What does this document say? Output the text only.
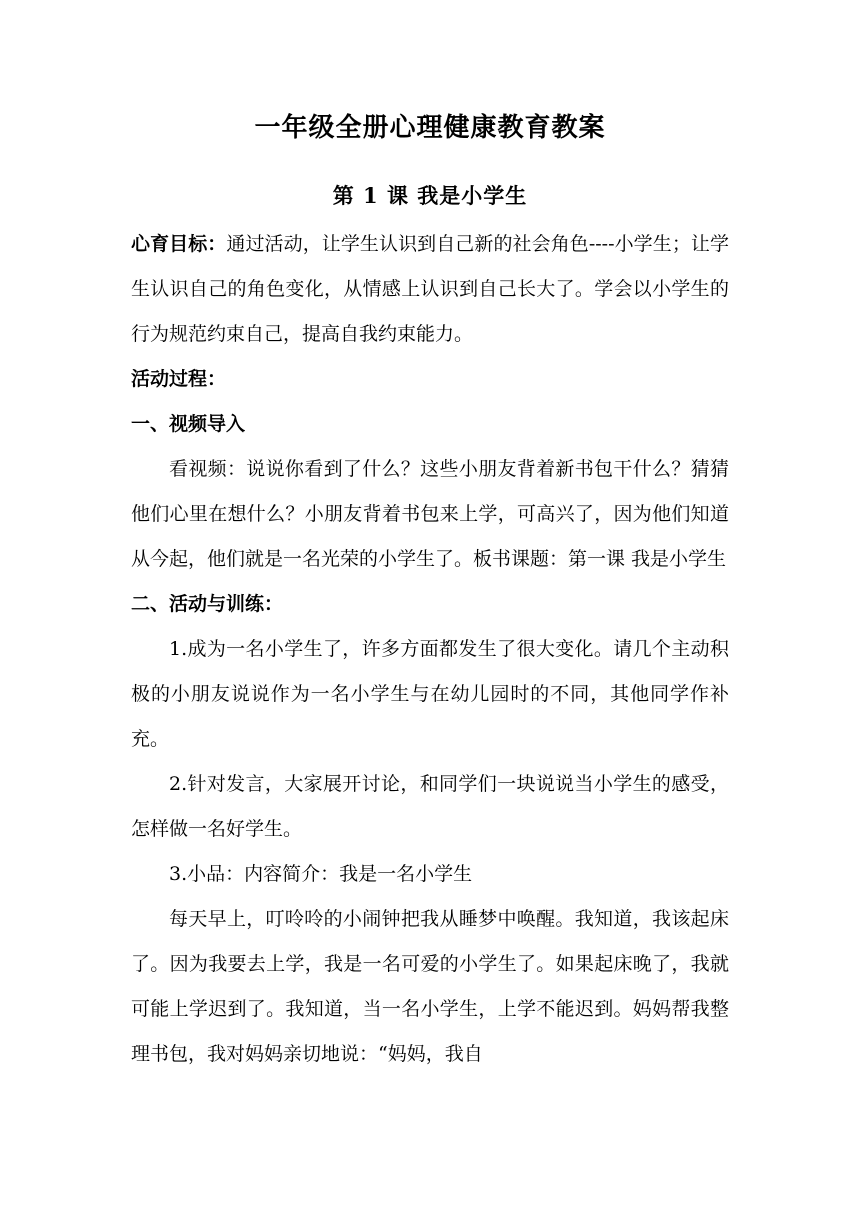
一年级全册心理健康教育教案
第 1 课 我是小学生

心育目标：通过活动，让学生认识到自己新的社会角色----小学生；让学生认识自己的角色变化，从情感上认识到自己长大了。学会以小学生的行为规范约束自己，提高自我约束能力。

活动过程：

一、视频导入

看视频：说说你看到了什么？这些小朋友背着新书包干什么？猜猜他们心里在想什么？小朋友背着书包来上学，可高兴了，因为他们知道从今起，他们就是一名光荣的小学生了。板书课题：第一课 我是小学生

二、活动与训练：

1.成为一名小学生了，许多方面都发生了很大变化。请几个主动积极的小朋友说说作为一名小学生与在幼儿园时的不同，其他同学作补充。

2.针对发言，大家展开讨论，和同学们一块说说当小学生的感受，怎样做一名好学生。

3.小品：内容简介：我是一名小学生

每天早上，叮呤呤的小闹钟把我从睡梦中唤醒。我知道，我该起床了。因为我要去上学，我是一名可爱的小学生了。如果起床晚了，我就可能上学迟到了。我知道，当一名小学生，上学不能迟到。妈妈帮我整理书包，我对妈妈亲切地说：“妈妈，我自
